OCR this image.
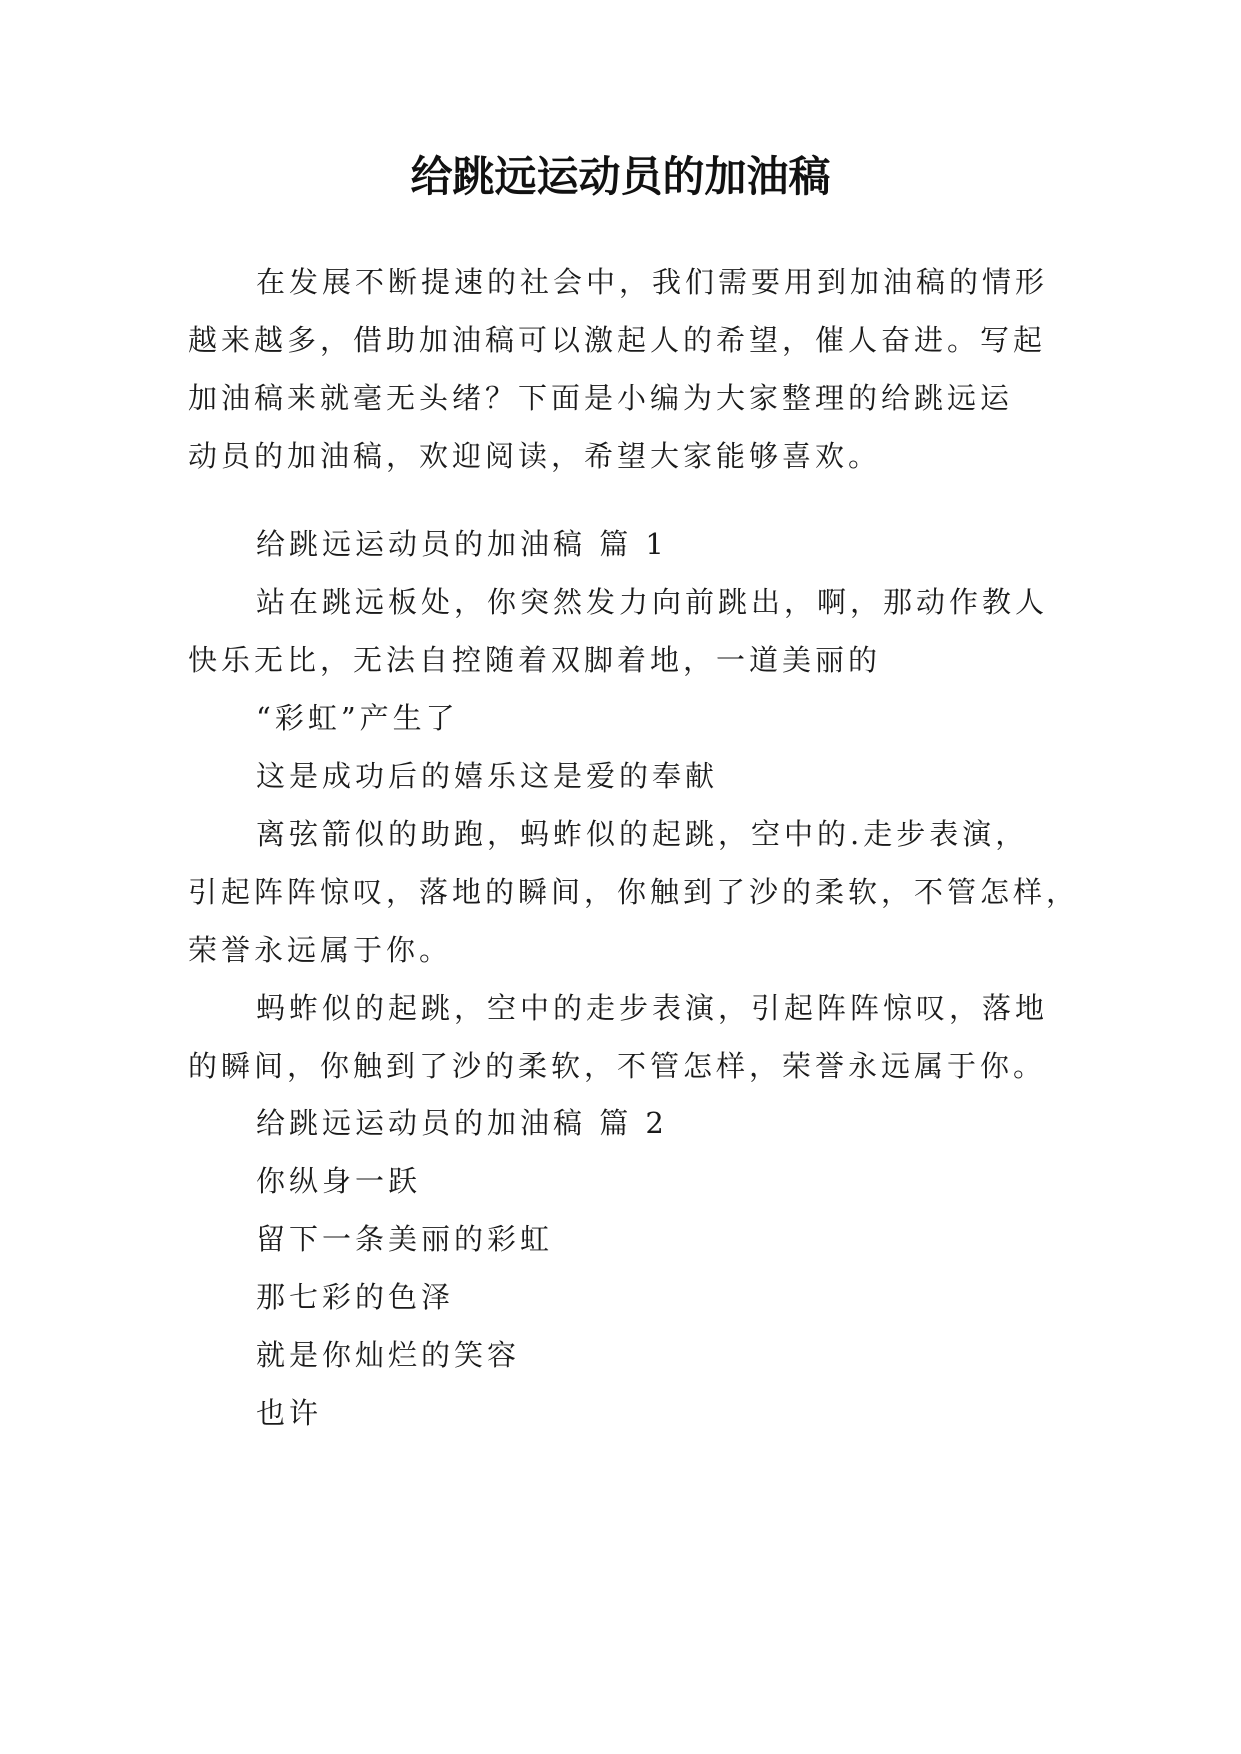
给跳远运动员的加油稿
在发展不断提速的社会中，我们需要用到加油稿的情形
越来越多，借助加油稿可以激起人的希望，催人奋进。写起
加油稿来就毫无头绪？下面是小编为大家整理的给跳远运
动员的加油稿，欢迎阅读，希望大家能够喜欢。
给跳远运动员的加油稿 篇 1
站在跳远板处，你突然发力向前跳出，啊，那动作教人
快乐无比，无法自控随着双脚着地，一道美丽的
“彩虹”产生了
这是成功后的嬉乐这是爱的奉献
离弦箭似的助跑，蚂蚱似的起跳，空中的.走步表演，
引起阵阵惊叹，落地的瞬间，你触到了沙的柔软，不管怎样，
荣誉永远属于你。
蚂蚱似的起跳，空中的走步表演，引起阵阵惊叹，落地
的瞬间，你触到了沙的柔软，不管怎样，荣誉永远属于你。
给跳远运动员的加油稿 篇 2
你纵身一跃
留下一条美丽的彩虹
那七彩的色泽
就是你灿烂的笑容
也许
